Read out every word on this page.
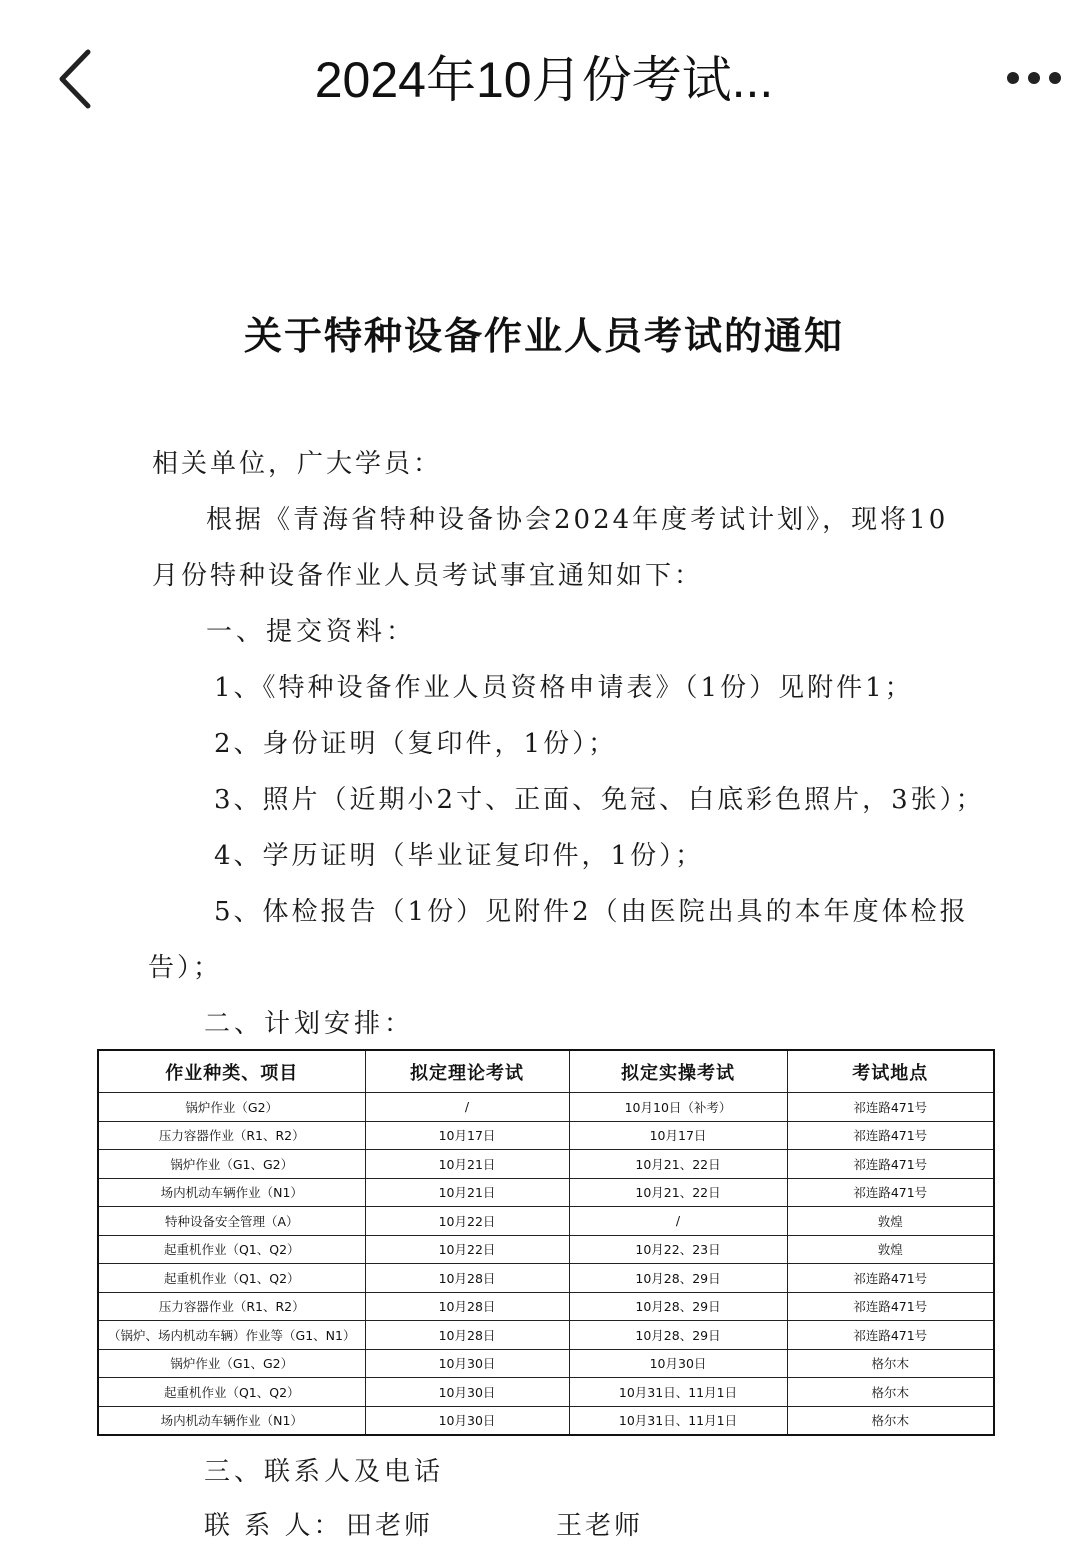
2024年10月份考试...
关于特种设备作业人员考试的通知
相关单位，广大学员：
根据《青海省特种设备协会2024年度考试计划》，现将10
月份特种设备作业人员考试事宜通知如下：
一、提交资料：
1、《特种设备作业人员资格申请表》（1份）见附件1；
2、身份证明（复印件，1份）；
3、照片（近期小2寸、正面、免冠、白底彩色照片，3张）；
4、学历证明（毕业证复印件，1份）；
5、体检报告（1份）见附件2（由医院出具的本年度体检报
告）；
二、计划安排：
作业种类、项目	拟定理论考试	拟定实操考试	考试地点
锅炉作业（G2）	/	10月10日（补考）	祁连路471号
压力容器作业（R1、R2）	10月17日	10月17日	祁连路471号
锅炉作业（G1、G2）	10月21日	10月21、22日	祁连路471号
场内机动车辆作业（N1）	10月21日	10月21、22日	祁连路471号
特种设备安全管理（A）	10月22日	/	敦煌
起重机作业（Q1、Q2）	10月22日	10月22、23日	敦煌
起重机作业（Q1、Q2）	10月28日	10月28、29日	祁连路471号
压力容器作业（R1、R2）	10月28日	10月28、29日	祁连路471号
（锅炉、场内机动车辆）作业等（G1、N1）	10月28日	10月28、29日	祁连路471号
锅炉作业（G1、G2）	10月30日	10月30日	格尔木
起重机作业（Q1、Q2）	10月30日	10月31日、11月1日	格尔木
场内机动车辆作业（N1）	10月30日	10月31日、11月1日	格尔木
三、联系人及电话
联 系 人： 田老师	王老师
